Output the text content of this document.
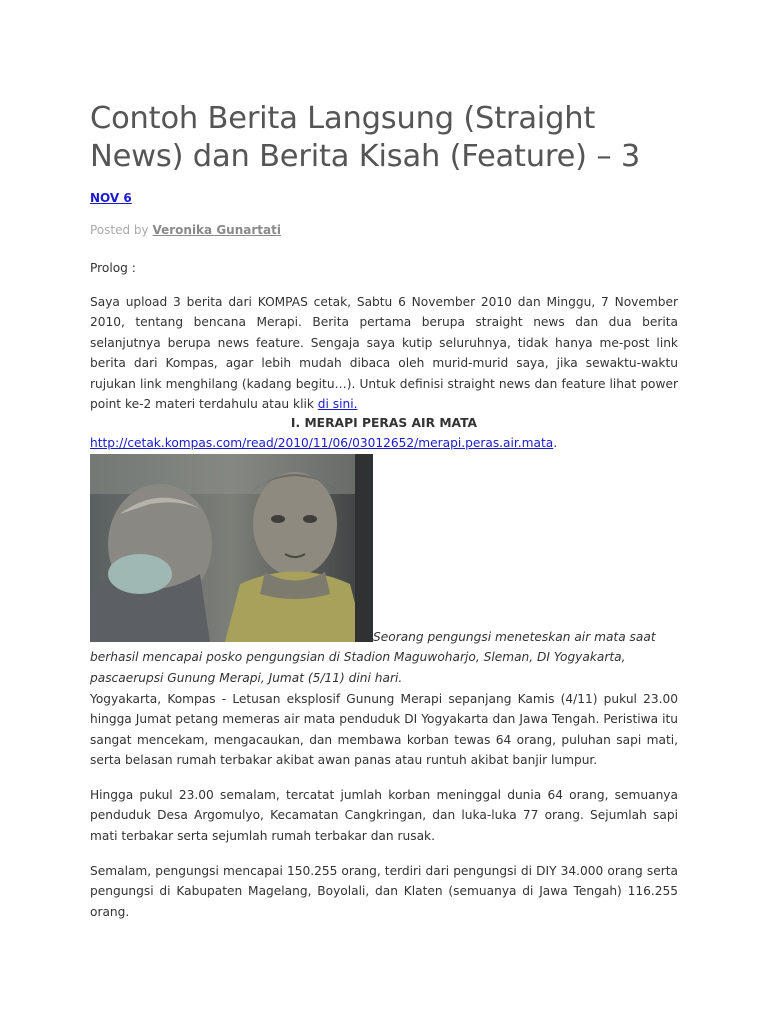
Contoh Berita Langsung (Straight News) dan Berita Kisah (Feature) – 3
NOV 6
Posted by Veronika Gunartati

Prolog :

Saya upload 3 berita dari KOMPAS cetak, Sabtu 6 November 2010 dan Minggu, 7 November 2010, tentang bencana Merapi. Berita pertama berupa straight news dan dua berita selanjutnya berupa news feature. Sengaja saya kutip seluruhnya, tidak hanya me-post link berita dari Kompas, agar lebih mudah dibaca oleh murid-murid saya, jika sewaktu-waktu rujukan link menghilang (kadang begitu…). Untuk definisi straight news dan feature lihat power point ke-2 materi terdahulu atau klik di sini.

I. MERAPI PERAS AIR MATA
http://cetak.kompas.com/read/2010/11/06/03012652/merapi.peras.air.mata.

Seorang pengungsi meneteskan air mata saat berhasil mencapai posko pengungsian di Stadion Maguwoharjo, Sleman, DI Yogyakarta, pascaerupsi Gunung Merapi, Jumat (5/11) dini hari.

Yogyakarta, Kompas - Letusan eksplosif Gunung Merapi sepanjang Kamis (4/11) pukul 23.00 hingga Jumat petang memeras air mata penduduk DI Yogyakarta dan Jawa Tengah. Peristiwa itu sangat mencekam, mengacaukan, dan membawa korban tewas 64 orang, puluhan sapi mati, serta belasan rumah terbakar akibat awan panas atau runtuh akibat banjir lumpur.

Hingga pukul 23.00 semalam, tercatat jumlah korban meninggal dunia 64 orang, semuanya penduduk Desa Argomulyo, Kecamatan Cangkringan, dan luka-luka 77 orang. Sejumlah sapi mati terbakar serta sejumlah rumah terbakar dan rusak.

Semalam, pengungsi mencapai 150.255 orang, terdiri dari pengungsi di DIY 34.000 orang serta pengungsi di Kabupaten Magelang, Boyolali, dan Klaten (semuanya di Jawa Tengah) 116.255 orang.
